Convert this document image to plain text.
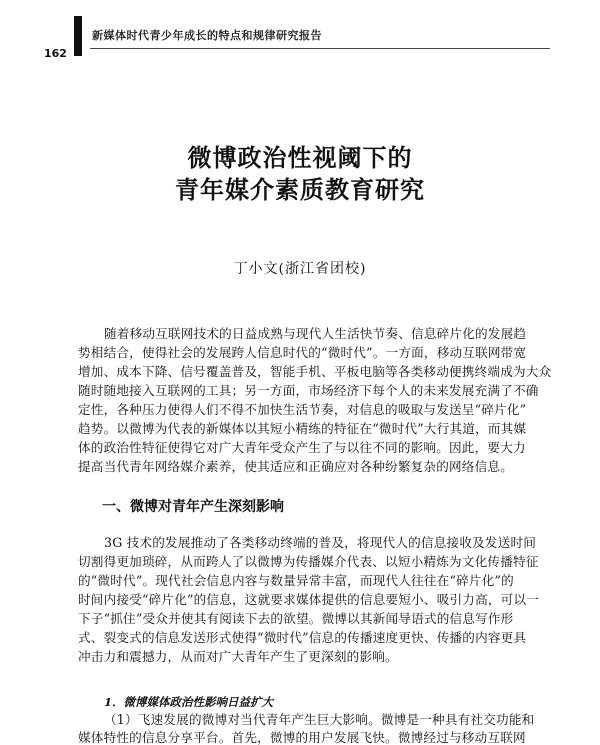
新媒体时代青少年成长的特点和规律研究报告
162
微博政治性视阈下的
青年媒介素质教育研究
丁小文(浙江省团校)
随着移动互联网技术的日益成熟与现代人生活快节奏、信息碎片化的发展趋
势相结合，使得社会的发展跨人信息时代的“微时代”。一方面，移动互联网带宽
增加、成本下降、信号覆盖普及，智能手机、平板电脑等各类移动便携终端成为大众
随时随地接入互联网的工具；另一方面，市场经济下每个人的未来发展充满了不确
定性，各种压力使得人们不得不加快生活节奏，对信息的吸取与发送呈“碎片化”
趋势。以微博为代表的新媒体以其短小精练的特征在“微时代”大行其道，而其媒
体的政治性特征使得它对广大青年受众产生了与以往不同的影响。因此，要大力
提高当代青年网络媒介素养，使其适应和正确应对各种纷繁复杂的网络信息。
一、微博对青年产生深刻影响
3G 技术的发展推动了各类移动终端的普及，将现代人的信息接收及发送时间
切割得更加琐碎，从而跨人了以微博为传播媒介代表、以短小精炼为文化传播特征
的“微时代”。现代社会信息内容与数量异常丰富，而现代人往往在“碎片化”的
时间内接受“碎片化”的信息，这就要求媒体提供的信息要短小、吸引力高，可以一
下子“抓住”受众并使其有阅读下去的欲望。微博以其新闻导语式的信息写作形
式、裂变式的信息发送形式使得“微时代”信息的传播速度更快、传播的内容更具
冲击力和震撼力，从而对广大青年产生了更深刻的影响。
1．微博媒体政治性影响日益扩大
（1）飞速发展的微博对当代青年产生巨大影响。微博是一种具有社交功能和
媒体特性的信息分享平台。首先，微博的用户发展飞快。微博经过与移动互联网
